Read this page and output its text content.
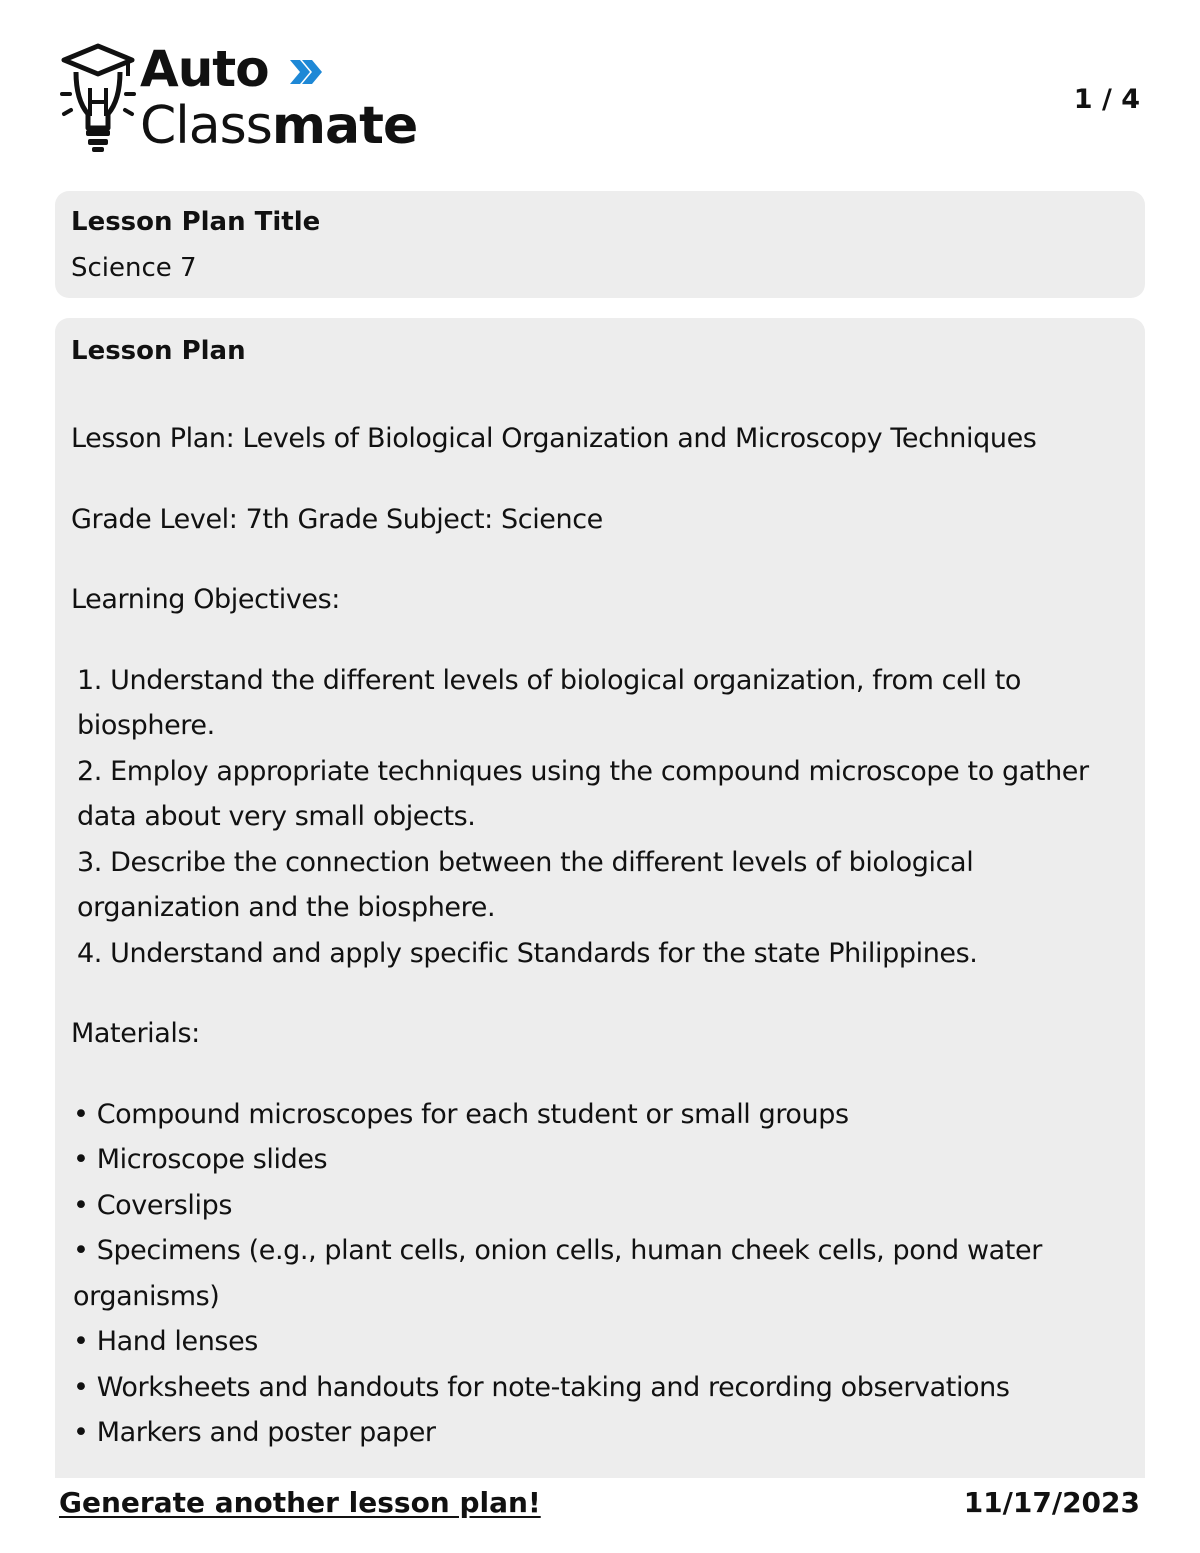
Auto
Classmate	1 / 4
Lesson Plan Title
Science 7
Lesson Plan

Lesson Plan: Levels of Biological Organization and Microscopy Techniques

Grade Level: 7th Grade Subject: Science

Learning Objectives:

1. Understand the different levels of biological organization, from cell to biosphere.

2. Employ appropriate techniques using the compound microscope to gather data about very small objects.

3. Describe the connection between the different levels of biological organization and the biosphere.

4. Understand and apply specific Standards for the state Philippines.

Materials:

• Compound microscopes for each student or small groups

• Microscope slides

• Coverslips

• Specimens (e.g., plant cells, onion cells, human cheek cells, pond water organisms)

• Hand lenses

• Worksheets and handouts for note-taking and recording observations

• Markers and poster paper

Generate another lesson plan!	11/17/2023
